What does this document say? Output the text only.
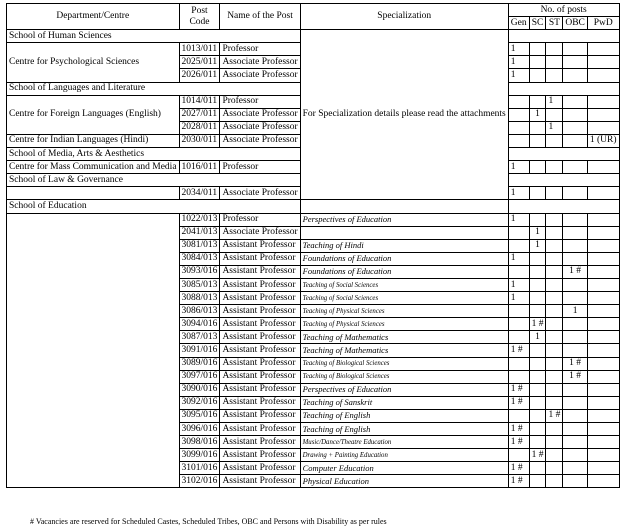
Department/Centre	Post Code	Name of the Post	Specialization	No. of posts				
				Gen	SC	ST	OBC	PwD
School of Human Sciences			For Specialization details please read the attachments					
Centre for Psychological Sciences	1013/011	Professor		1				
	2025/011	Associate Professor		1				
	2026/011	Associate Professor		1				
School of Languages and Literature								
Centre for Foreign Languages (English)	1014/011	Professor				1		
	2027/011	Associate Professor			1			
	2028/011	Associate Professor				1		
Centre for Indian Languages (Hindi)	2030/011	Associate Professor						1 (UR)
School of Media, Arts & Aesthetics								
Centre for Mass Communication and Media	1016/011	Professor		1				
School of Law & Governance								
	2034/011	Associate Professor		1				
School of Education								
	1022/013	Professor	Perspectives of Education	1				
	2041/013	Associate Professor			1			
	3081/013	Assistant Professor	Teaching of Hindi		1			
	3084/013	Assistant Professor	Foundations of Education	1				
	3093/016	Assistant Professor	Foundations of Education				1 #	
	3085/013	Assistant Professor	Teaching of Social Sciences	1				
	3088/013	Assistant Professor	Teaching of Social Sciences	1				
	3086/013	Assistant Professor	Teaching of Physical Sciences				1	
	3094/016	Assistant Professor	Teaching of Physical Sciences		1 #			
	3087/013	Assistant Professor	Teaching of Mathematics		1			
	3091/016	Assistant Professor	Teaching of Mathematics	1 #				
	3089/016	Assistant Professor	Teaching of Biological Sciences				1 #	
	3097/016	Assistant Professor	Teaching of Biological Sciences				1 #	
	3090/016	Assistant Professor	Perspectives of Education	1 #				
	3092/016	Assistant Professor	Teaching of Sanskrit	1 #				
	3095/016	Assistant Professor	Teaching of English			1 #		
	3096/016	Assistant Professor	Teaching of English	1 #				
	3098/016	Assistant Professor	Music/Dance/Theatre Education	1 #				
	3099/016	Assistant Professor	Drawing + Painting Education		1 #			
	3101/016	Assistant Professor	Computer Education	1 #				
	3102/016	Assistant Professor	Physical Education	1 #				
# Vacancies are reserved for Scheduled Castes, Scheduled Tribes, OBC and Persons with Disability as per rules
